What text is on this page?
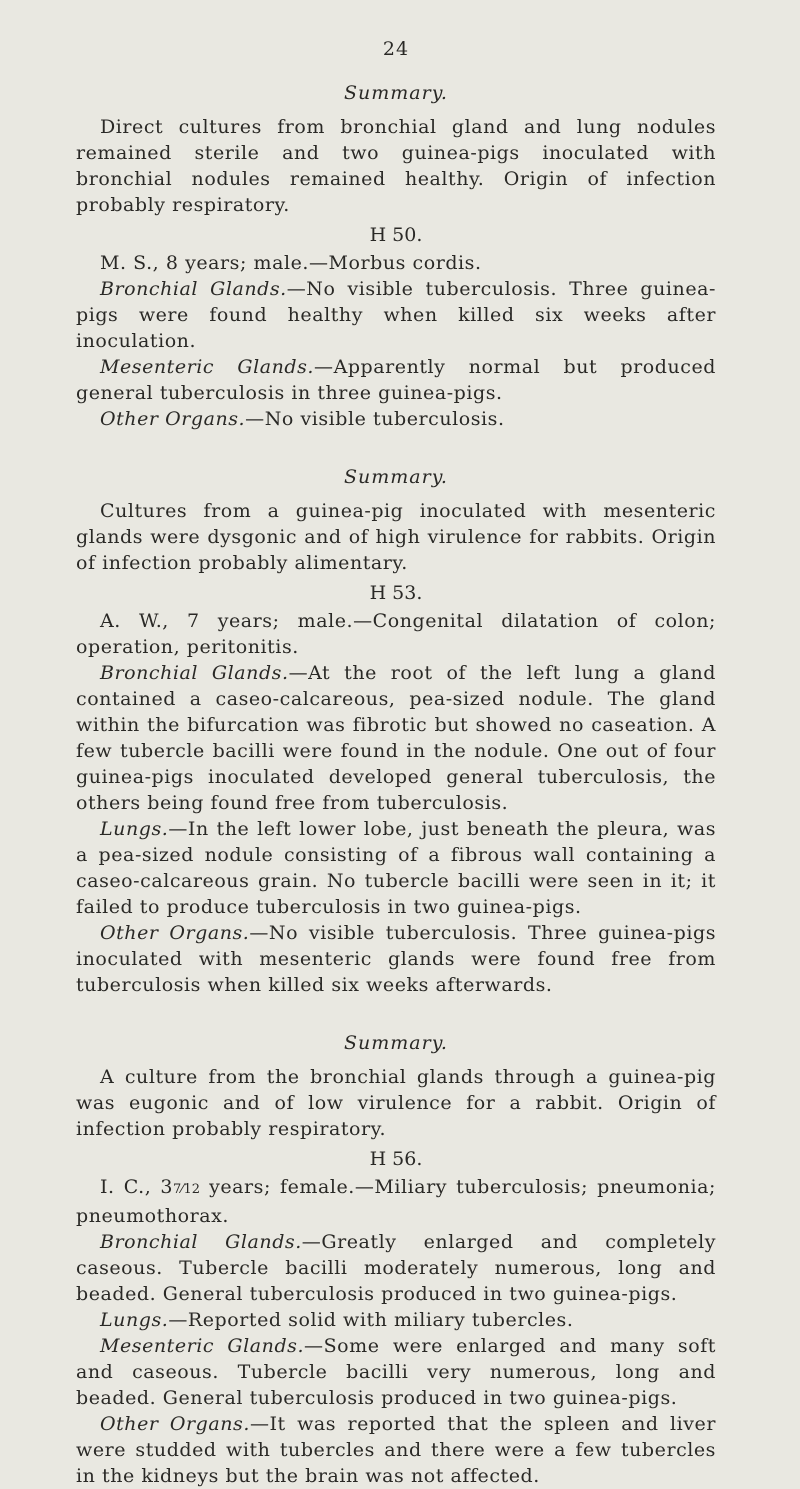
24
Summary.

Direct cultures from bronchial gland and lung nodules remained sterile and two guinea-pigs inoculated with bronchial nodules remained healthy. Origin of infection probably respiratory.

H 50.

M. S., 8 years; male.—Morbus cordis.

Bronchial Glands.—No visible tuberculosis. Three guinea-pigs were found healthy when killed six weeks after inoculation.

Mesenteric Glands.—Apparently normal but produced general tuberculosis in three guinea-pigs.

Other Organs.—No visible tuberculosis.

Summary.

Cultures from a guinea-pig inoculated with mesenteric glands were dysgonic and of high virulence for rabbits. Origin of infection probably alimentary.

H 53.

A. W., 7 years; male.—Congenital dilatation of colon; operation, peritonitis.

Bronchial Glands.—At the root of the left lung a gland contained a caseo-calcareous, pea-sized nodule. The gland within the bifurcation was fibrotic but showed no caseation. A few tubercle bacilli were found in the nodule. One out of four guinea-pigs inoculated developed general tuberculosis, the others being found free from tuberculosis.

Lungs.—In the left lower lobe, just beneath the pleura, was a pea-sized nodule consisting of a fibrous wall containing a caseo-calcareous grain. No tubercle bacilli were seen in it; it failed to produce tuberculosis in two guinea-pigs.

Other Organs.—No visible tuberculosis. Three guinea-pigs inoculated with mesenteric glands were found free from tuberculosis when killed six weeks afterwards.

Summary.

A culture from the bronchial glands through a guinea-pig was eugonic and of low virulence for a rabbit. Origin of infection probably respiratory.

H 56.

I. C., 37⁄12 years; female.—Miliary tuberculosis; pneumonia; pneumothorax.

Bronchial Glands.—Greatly enlarged and completely caseous. Tubercle bacilli moderately numerous, long and beaded. General tuberculosis produced in two guinea-pigs.

Lungs.—Reported solid with miliary tubercles.

Mesenteric Glands.—Some were enlarged and many soft and caseous. Tubercle bacilli very numerous, long and beaded. General tuberculosis produced in two guinea-pigs.

Other Organs.—It was reported that the spleen and liver were studded with tubercles and there were a few tubercles in the kidneys but the brain was not affected.
